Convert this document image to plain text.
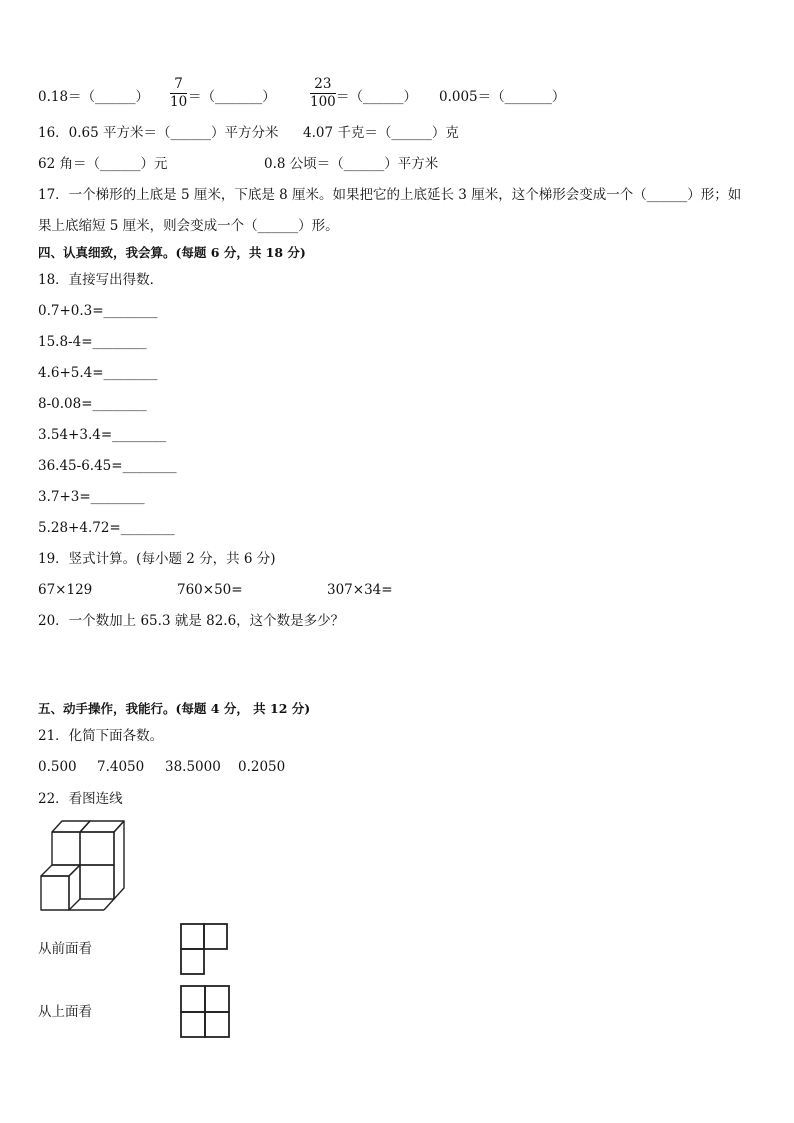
0.18＝（______）
7
10 ＝（_______）
23
100 ＝（______） 0.005＝（_______）
16．0.65 平方米＝（______）平方分米 4.07 千克＝（______）克
62 角＝（______）元	0.8 公顷＝（______）平方米
17．一个梯形的上底是 5 厘米，下底是 8 厘米。如果把它的上底延长 3 厘米，这个梯形会变成一个（______）形；如
果上底缩短 5 厘米，则会变成一个（______）形。
四、认真细致，我会算。(每题 6 分，共 18 分)
18．直接写出得数．
0.7+0.3=________
15.8-4=________
4.6+5.4=________
8-0.08=________
3.54+3.4=________
36.45-6.45=________
3.7+3=________
5.28+4.72=________
19．竖式计算。(每小题 2 分，共 6 分)
67×129	760×50=	307×34=
20．一个数加上 65.3 就是 82.6，这个数是多少？
五、动手操作，我能行。(每题 4 分， 共 12 分)
21．化简下面各数。
0.500 7.4050 38.5000 0.2050
22．看图连线
从前面看
从上面看
